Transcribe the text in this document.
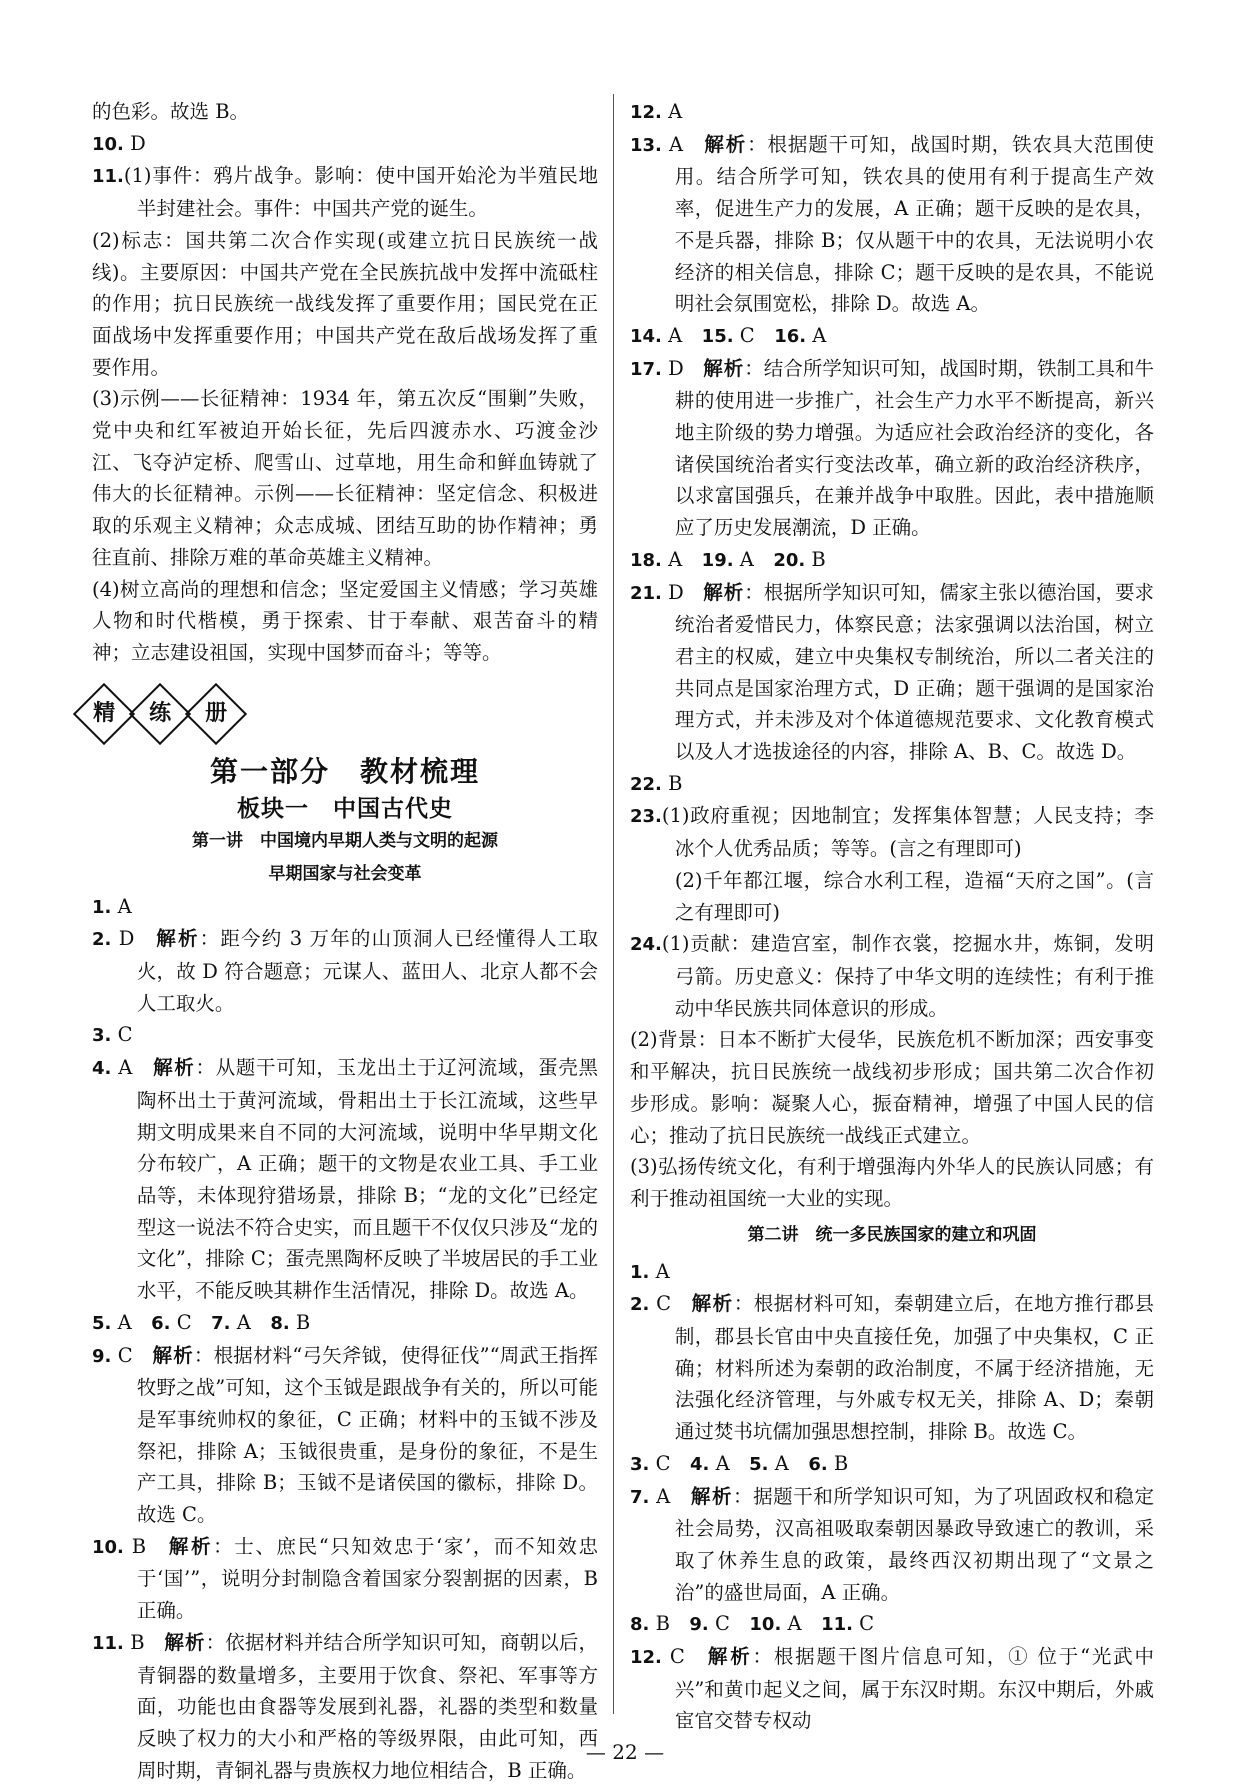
的色彩。故选 B。

10. D

11.(1)事件：鸦片战争。影响：使中国开始沦为半殖民地半封建社会。事件：中国共产党的诞生。

(2)标志：国共第二次合作实现(或建立抗日民族统一战线)。主要原因：中国共产党在全民族抗战中发挥中流砥柱的作用；抗日民族统一战线发挥了重要作用；国民党在正面战场中发挥重要作用；中国共产党在敌后战场发挥了重要作用。

(3)示例——长征精神：1934 年，第五次反“围剿”失败，党中央和红军被迫开始长征，先后四渡赤水、巧渡金沙江、飞夺泸定桥、爬雪山、过草地，用生命和鲜血铸就了伟大的长征精神。示例——长征精神：坚定信念、积极进取的乐观主义精神；众志成城、团结互助的协作精神；勇往直前、排除万难的革命英雄主义精神。

(4)树立高尚的理想和信念；坚定爱国主义情感；学习英雄人物和时代楷模，勇于探索、甘于奉献、艰苦奋斗的精神；立志建设祖国，实现中国梦而奋斗；等等。

精 练 册
第一部分　教材梳理
板块一　中国古代史
第一讲　中国境内早期人类与文明的起源
早期国家与社会变革

1. A

2. D　解析：距今约 3 万年的山顶洞人已经懂得人工取火，故 D 符合题意；元谋人、蓝田人、北京人都不会人工取火。

3. C

4. A　解析：从题干可知，玉龙出土于辽河流域，蛋壳黑陶杯出土于黄河流域，骨耜出土于长江流域，这些早期文明成果来自不同的大河流域，说明中华早期文化分布较广，A 正确；题干的文物是农业工具、手工业品等，未体现狩猎场景，排除 B；“龙的文化”已经定型这一说法不符合史实，而且题干不仅仅只涉及“龙的文化”，排除 C；蛋壳黑陶杯反映了半坡居民的手工业水平，不能反映其耕作生活情况，排除 D。故选 A。

5. A　6. C　7. A　8. B

9. C　解析：根据材料“弓矢斧钺，使得征伐”“周武王指挥牧野之战”可知，这个玉钺是跟战争有关的，所以可能是军事统帅权的象征，C 正确；材料中的玉钺不涉及祭祀，排除 A；玉钺很贵重，是身份的象征，不是生产工具，排除 B；玉钺不是诸侯国的徽标，排除 D。故选 C。

10. B　解析：士、庶民“只知效忠于‘家’，而不知效忠于‘国’”，说明分封制隐含着国家分裂割据的因素，B 正确。

11. B　解析：依据材料并结合所学知识可知，商朝以后，青铜器的数量增多，主要用于饮食、祭祀、军事等方面，功能也由食器等发展到礼器，礼器的类型和数量反映了权力的大小和严格的等级界限，由此可知，西周时期，青铜礼器与贵族权力地位相结合，B 正确。

12. A

13. A　解析：根据题干可知，战国时期，铁农具大范围使用。结合所学可知，铁农具的使用有利于提高生产效率，促进生产力的发展，A 正确；题干反映的是农具，不是兵器，排除 B；仅从题干中的农具，无法说明小农经济的相关信息，排除 C；题干反映的是农具，不能说明社会氛围宽松，排除 D。故选 A。

14. A　15. C　16. A

17. D　解析：结合所学知识可知，战国时期，铁制工具和牛耕的使用进一步推广，社会生产力水平不断提高，新兴地主阶级的势力增强。为适应社会政治经济的变化，各诸侯国统治者实行变法改革，确立新的政治经济秩序，以求富国强兵，在兼并战争中取胜。因此，表中措施顺应了历史发展潮流，D 正确。

18. A　19. A　20. B

21. D　解析：根据所学知识可知，儒家主张以德治国，要求统治者爱惜民力，体察民意；法家强调以法治国，树立君主的权威，建立中央集权专制统治，所以二者关注的共同点是国家治理方式，D 正确；题干强调的是国家治理方式，并未涉及对个体道德规范要求、文化教育模式以及人才选拔途径的内容，排除 A、B、C。故选 D。

22. B

23.(1)政府重视；因地制宜；发挥集体智慧；人民支持；李冰个人优秀品质；等等。(言之有理即可)

(2)千年都江堰，综合水利工程，造福“天府之国”。(言之有理即可)

24.(1)贡献：建造宫室，制作衣裳，挖掘水井，炼铜，发明弓箭。历史意义：保持了中华文明的连续性；有利于推动中华民族共同体意识的形成。

(2)背景：日本不断扩大侵华，民族危机不断加深；西安事变和平解决，抗日民族统一战线初步形成；国共第二次合作初步形成。影响：凝聚人心，振奋精神，增强了中国人民的信心；推动了抗日民族统一战线正式建立。

(3)弘扬传统文化，有利于增强海内外华人的民族认同感；有利于推动祖国统一大业的实现。

第二讲　统一多民族国家的建立和巩固

1. A

2. C　解析：根据材料可知，秦朝建立后，在地方推行郡县制，郡县长官由中央直接任免，加强了中央集权，C 正确；材料所述为秦朝的政治制度，不属于经济措施，无法强化经济管理，与外戚专权无关，排除 A、D；秦朝通过焚书坑儒加强思想控制，排除 B。故选 C。

3. C　4. A　5. A　6. B

7. A　解析：据题干和所学知识可知，为了巩固政权和稳定社会局势，汉高祖吸取秦朝因暴政导致速亡的教训，采取了休养生息的政策，最终西汉初期出现了“文景之治”的盛世局面，A 正确。

8. B　9. C　10. A　11. C

12. C　解析：根据题干图片信息可知，① 位于“光武中兴”和黄巾起义之间，属于东汉时期。东汉中期后，外戚宦官交替专权动

— 22 —
